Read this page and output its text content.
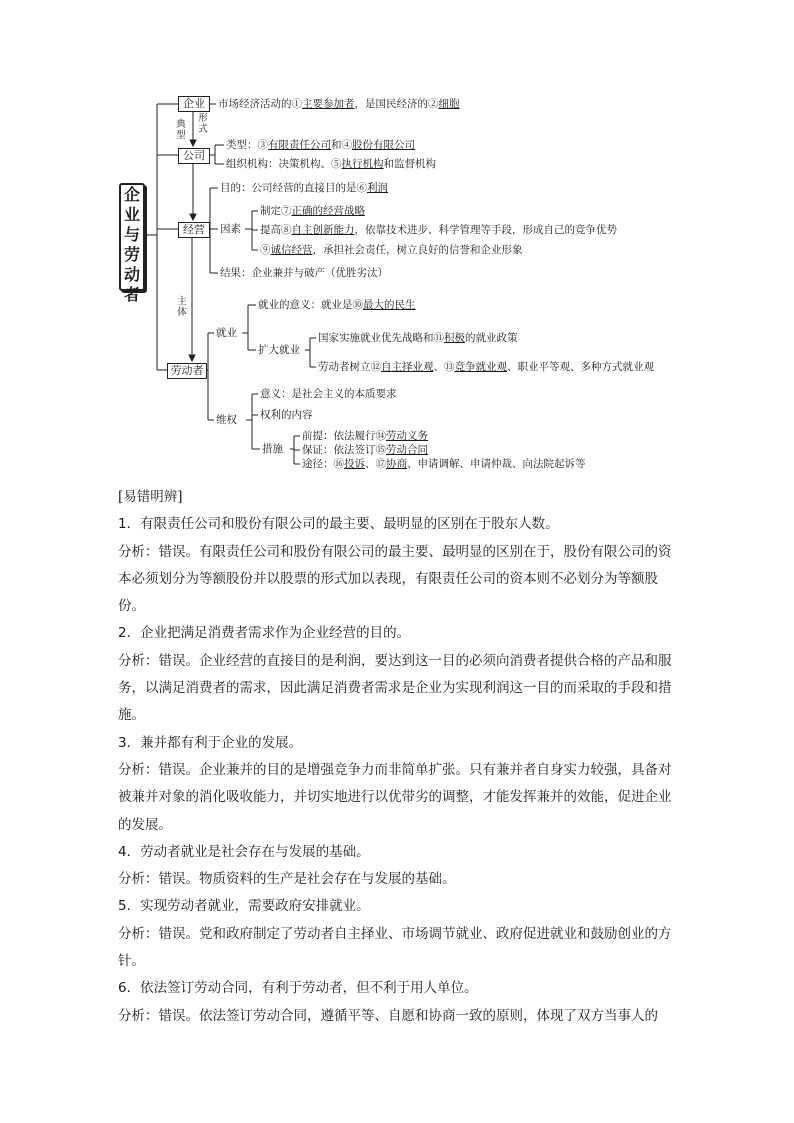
企业与劳动者
企业	市场经济活动的①主要参加者，是国民经济的②细胞
典型
形式
公司
类型：③有限责任公司和④股份有限公司
组织机构：决策机构、⑤执行机构和监督机构
经营
目的：公司经营的直接目的是⑥利润
因素
制定⑦正确的经营战略
提高⑧自主创新能力，依靠技术进步、科学管理等手段，形成自己的竞争优势
⑨诚信经营，承担社会责任，树立良好的信誉和企业形象
结果：企业兼并与破产（优胜劣汰）
主体
劳动者
就业
就业的意义：就业是⑩最大的民生
扩大就业
国家实施就业优先战略和⑪积极的就业政策
劳动者树立⑫自主择业观、⑬竞争就业观、职业平等观、多种方式就业观
维权
意义：是社会主义的本质要求
权利的内容
措施
前提：依法履行⑭劳动义务
保证：依法签订⑮劳动合同
途径：⑯投诉、⑰协商、申请调解、申请仲裁、向法院起诉等

[易错明辨]

1．有限责任公司和股份有限公司的最主要、最明显的区别在于股东人数。

分析：错误。有限责任公司和股份有限公司的最主要、最明显的区别在于，股份有限公司的资本必须划分为等额股份并以股票的形式加以表现，有限责任公司的资本则不必划分为等额股份。

2．企业把满足消费者需求作为企业经营的目的。

分析：错误。企业经营的直接目的是利润，要达到这一目的必须向消费者提供合格的产品和服务，以满足消费者的需求，因此满足消费者需求是企业为实现利润这一目的而采取的手段和措施。

3．兼并都有利于企业的发展。

分析：错误。企业兼并的目的是增强竞争力而非简单扩张。只有兼并者自身实力较强，具备对被兼并对象的消化吸收能力，并切实地进行以优带劣的调整，才能发挥兼并的效能，促进企业的发展。

4．劳动者就业是社会存在与发展的基础。

分析：错误。物质资料的生产是社会存在与发展的基础。

5．实现劳动者就业，需要政府安排就业。

分析：错误。党和政府制定了劳动者自主择业、市场调节就业、政府促进就业和鼓励创业的方针。

6．依法签订劳动合同，有利于劳动者，但不利于用人单位。

分析：错误。依法签订劳动合同，遵循平等、自愿和协商一致的原则，体现了双方当事人的
